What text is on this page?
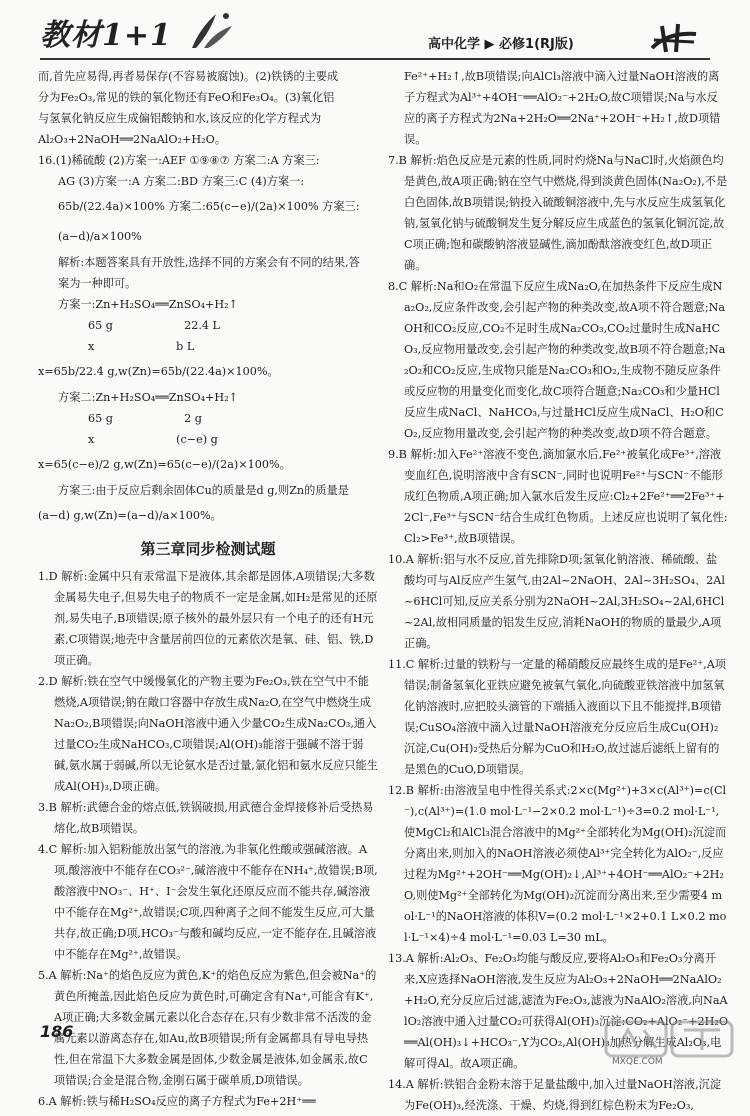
教材1+1	高中化学 ▶ 必修1(RJ版)

而,首先应易得,再者易保存(不容易被腐蚀)。(2)铁锈的主要成

分为Fe₂O₃,常见的铁的氧化物还有FeO和Fe₃O₄。(3)氧化铝

与氢氧化钠反应生成偏铝酸钠和水,该反应的化学方程式为

Al₂O₃+2NaOH══2NaAlO₂+H₂O。

16.(1)稀硫酸 (2)方案一:AEF ①⑨⑧⑦ 方案二:A 方案三:

AG (3)方案一:A 方案二:BD 方案三:C (4)方案一:

65b/(22.4a)×100% 方案二:65(c−e)/(2a)×100% 方案三:(a−d)/a×100%

解析:本题答案具有开放性,选择不同的方案会有不同的结果,答

案为一种即可。

方案一:Zn+H₂SO₄══ZnSO₄+H₂↑

65 g                    22.4 L

x                       b L

x=65b/22.4 g,w(Zn)=65b/(22.4a)×100%。

方案二:Zn+H₂SO₄══ZnSO₄+H₂↑

65 g                    2 g

x                       (c−e) g

x=65(c−e)/2 g,w(Zn)=65(c−e)/(2a)×100%。

方案三:由于反应后剩余固体Cu的质量是d g,则Zn的质量是

(a−d) g,w(Zn)=(a−d)/a×100%。

第三章同步检测试题

1.D 解析:金属中只有汞常温下是液体,其余都是固体,A项错误;大多数金属易失电子,但易失电子的物质不一定是金属,如H₂是常见的还原剂,易失电子,B项错误;原子核外的最外层只有一个电子的还有H元素,C项错误;地壳中含量居前四位的元素依次是氧、硅、铝、铁,D项正确。

2.D 解析:铁在空气中缓慢氧化的产物主要为Fe₂O₃,铁在空气中不能燃烧,A项错误;钠在敞口容器中存放生成Na₂O,在空气中燃烧生成Na₂O₂,B项错误;向NaOH溶液中通入少量CO₂生成Na₂CO₃,通入过量CO₂生成NaHCO₃,C项错误;Al(OH)₃能溶于强碱不溶于弱碱,氨水属于弱碱,所以无论氨水是否过量,氯化铝和氨水反应只能生成Al(OH)₃,D项正确。

3.B 解析:武德合金的熔点低,铁锅破损,用武德合金焊接修补后受热易熔化,故B项错误。

4.C 解析:加入铝粉能放出氢气的溶液,为非氧化性酸或强碱溶液。A项,酸溶液中不能存在CO₃²⁻,碱溶液中不能存在NH₄⁺,故错误;B项,酸溶液中NO₃⁻、H⁺、I⁻会发生氧化还原反应而不能共存,碱溶液中不能存在Mg²⁺,故错误;C项,四种离子之间不能发生反应,可大量共存,故正确;D项,HCO₃⁻与酸和碱均反应,一定不能存在,且碱溶液中不能存在Mg²⁺,故错误。

5.A 解析:Na⁺的焰色反应为黄色,K⁺的焰色反应为紫色,但会被Na⁺的黄色所掩盖,因此焰色反应为黄色时,可确定含有Na⁺,可能含有K⁺,A项正确;大多数金属元素以化合态存在,只有少数非常不活泼的金属元素以游离态存在,如Au,故B项错误;所有金属都具有导电导热性,但在常温下大多数金属是固体,少数金属是液体,如金属汞,故C项错误;合金是混合物,金刚石属于碳单质,D项错误。

6.A 解析:铁与稀H₂SO₄反应的离子方程式为Fe+2H⁺══

Fe²⁺+H₂↑,故B项错误;向AlCl₃溶液中滴入过量NaOH溶液的离子方程式为Al³⁺+4OH⁻══AlO₂⁻+2H₂O,故C项错误;Na与水反应的离子方程式为2Na+2H₂O══2Na⁺+2OH⁻+H₂↑,故D项错误。

7.B 解析:焰色反应是元素的性质,同时灼烧Na与NaCl时,火焰颜色均是黄色,故A项正确;钠在空气中燃烧,得到淡黄色固体(Na₂O₂),不是白色固体,故B项错误;钠投入硫酸铜溶液中,先与水反应生成氢氧化钠,氢氧化钠与硫酸铜发生复分解反应生成蓝色的氢氧化铜沉淀,故C项正确;饱和碳酸钠溶液显碱性,滴加酚酞溶液变红色,故D项正确。

8.C 解析:Na和O₂在常温下反应生成Na₂O,在加热条件下反应生成Na₂O₂,反应条件改变,会引起产物的种类改变,故A项不符合题意;NaOH和CO₂反应,CO₂不足时生成Na₂CO₃,CO₂过量时生成NaHCO₃,反应物用量改变,会引起产物的种类改变,故B项不符合题意;Na₂O₂和CO₂反应,生成物只能是Na₂CO₃和O₂,生成物不随反应条件或反应物的用量变化而变化,故C项符合题意;Na₂CO₃和少量HCl反应生成NaCl、NaHCO₃,与过量HCl反应生成NaCl、H₂O和CO₂,反应物用量改变,会引起产物的种类改变,故D项不符合题意。

9.B 解析:加入Fe²⁺溶液不变色,滴加氯水后,Fe²⁺被氧化成Fe³⁺,溶液变血红色,说明溶液中含有SCN⁻,同时也说明Fe²⁺与SCN⁻不能形成红色物质,A项正确;加入氯水后发生反应:Cl₂+2Fe²⁺══2Fe³⁺+2Cl⁻,Fe³⁺与SCN⁻结合生成红色物质。上述反应也说明了氧化性:Cl₂>Fe³⁺,故B项错误。

10.A 解析:铝与水不反应,首先排除D项;氢氧化钠溶液、稀硫酸、盐酸均可与Al反应产生氢气,由2Al~2NaOH、2Al~3H₂SO₄、2Al~6HCl可知,反应关系分别为2NaOH~2Al,3H₂SO₄~2Al,6HCl~2Al,故相同质量的铝发生反应,消耗NaOH的物质的量最少,A项正确。

11.C 解析:过量的铁粉与一定量的稀硝酸反应最终生成的是Fe²⁺,A项错误;制备氢氧化亚铁应避免被氧气氧化,向硫酸亚铁溶液中加氢氧化钠溶液时,应把胶头滴管的下端插入液面以下且不能搅拌,B项错误;CuSO₄溶液中滴入过量NaOH溶液充分反应后生成Cu(OH)₂沉淀,Cu(OH)₂受热后分解为CuO和H₂O,故过滤后滤纸上留有的是黑色的CuO,D项错误。

12.B 解析:由溶液呈电中性得关系式:2×c(Mg²⁺)+3×c(Al³⁺)=c(Cl⁻),c(Al³⁺)=(1.0 mol·L⁻¹−2×0.2 mol·L⁻¹)÷3=0.2 mol·L⁻¹,使MgCl₂和AlCl₃混合溶液中的Mg²⁺全部转化为Mg(OH)₂沉淀而分离出来,则加入的NaOH溶液必须使Al³⁺完全转化为AlO₂⁻,反应过程为Mg²⁺+2OH⁻══Mg(OH)₂↓,Al³⁺+4OH⁻══AlO₂⁻+2H₂O,则使Mg²⁺全部转化为Mg(OH)₂沉淀而分离出来,至少需要4 mol·L⁻¹的NaOH溶液的体积V=(0.2 mol·L⁻¹×2+0.1 L×0.2 mol·L⁻¹×4)÷4 mol·L⁻¹=0.03 L=30 mL。

13.A 解析:Al₂O₃、Fe₂O₃均能与酸反应,要将Al₂O₃和Fe₂O₃分离开来,X应选择NaOH溶液,发生反应为Al₂O₃+2NaOH══2NaAlO₂+H₂O,充分反应后过滤,滤渣为Fe₂O₃,滤液为NaAlO₂溶液,向NaAlO₂溶液中通入过量CO₂可获得Al(OH)₃沉淀:CO₂+AlO₂⁻+2H₂O══Al(OH)₃↓+HCO₃⁻,Y为CO₂,Al(OH)₃加热分解生成Al₂O₃,电解可得Al。故A项正确。

14.A 解析:铁铝合金粉末溶于足量盐酸中,加入过量NaOH溶液,沉淀为Fe(OH)₃,经洗涤、干燥、灼烧,得到红棕色粉末为Fe₂O₃,

186
MXQE.COM
